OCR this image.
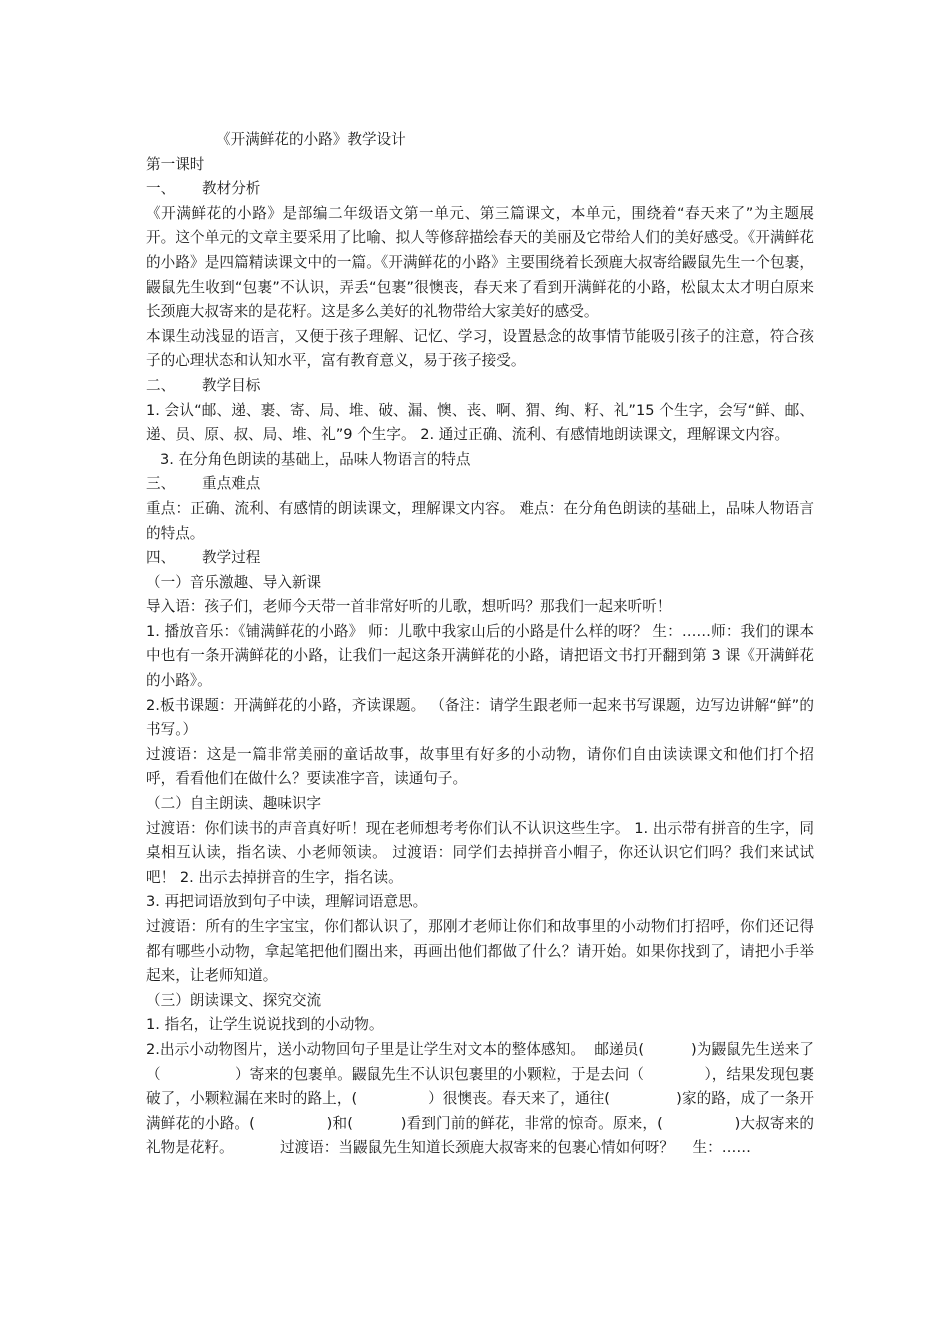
《开满鲜花的小路》教学设计

第一课时

一、	教材分析

《开满鲜花的小路》是部编二年级语文第一单元、第三篇课文，本单元，围绕着“春天来了”为主题展开。这个单元的文章主要采用了比喻、拟人等修辞描绘春天的美丽及它带给人们的美好感受。《开满鲜花的小路》是四篇精读课文中的一篇。《开满鲜花的小路》主要围绕着长颈鹿大叔寄给鼹鼠先生一个包裹，鼹鼠先生收到“包裹”不认识，弄丢“包裹”很懊丧，春天来了看到开满鲜花的小路，松鼠太太才明白原来长颈鹿大叔寄来的是花籽。这是多么美好的礼物带给大家美好的感受。

本课生动浅显的语言，又便于孩子理解、记忆、学习，设置悬念的故事情节能吸引孩子的注意，符合孩子的心理状态和认知水平，富有教育意义，易于孩子接受。

二、	教学目标

1. 会认“邮、递、裹、寄、局、堆、破、漏、懊、丧、啊、猬、绚、籽、礼”15 个生字，会写“鲜、邮、递、员、原、叔、局、堆、礼”9 个生字。 2. 通过正确、流利、有感情地朗读课文，理解课文内容。

3. 在分角色朗读的基础上，品味人物语言的特点

三、	重点难点

重点：正确、流利、有感情的朗读课文，理解课文内容。 难点：在分角色朗读的基础上，品味人物语言的特点。

四、	教学过程

（一）音乐激趣、导入新课

导入语：孩子们，老师今天带一首非常好听的儿歌，想听吗？那我们一起来听听！

1. 播放音乐：《铺满鲜花的小路》 师：儿歌中我家山后的小路是什么样的呀？ 生：……师：我们的课本中也有一条开满鲜花的小路，让我们一起这条开满鲜花的小路，请把语文书打开翻到第 3 课《开满鲜花的小路》。

2.板书课题：开满鲜花的小路，齐读课题。 （备注：请学生跟老师一起来书写课题，边写边讲解“鲜”的书写。）

过渡语：这是一篇非常美丽的童话故事，故事里有好多的小动物，请你们自由读读课文和他们打个招呼，看看他们在做什么？要读准字音，读通句子。

（二）自主朗读、趣味识字

过渡语：你们读书的声音真好听！现在老师想考考你们认不认识这些生字。 1. 出示带有拼音的生字，同桌相互认读，指名读、小老师领读。 过渡语：同学们去掉拼音小帽子，你还认识它们吗？我们来试试吧！ 2. 出示去掉拼音的生字，指名读。

3. 再把词语放到句子中读，理解词语意思。

过渡语：所有的生字宝宝，你们都认识了，那刚才老师让你们和故事里的小动物们打招呼，你们还记得都有哪些小动物，拿起笔把他们圈出来，再画出他们都做了什么？请开始。如果你找到了，请把小手举起来，让老师知道。

（三）朗读课文、探究交流

1. 指名，让学生说说找到的小动物。

2.出示小动物图片，送小动物回句子里是让学生对文本的整体感知。  邮递员(          )为鼹鼠先生送来了（                ）寄来的包裹单。鼹鼠先生不认识包裹里的小颗粒，于是去问（             ），结果发现包裹破了，小颗粒漏在来时的路上，(               ）很懊丧。春天来了，通往(              )家的路，成了一条开满鲜花的小路。(               )和(          )看到门前的鲜花，非常的惊奇。原来，(               )大叔寄来的礼物是花籽。          过渡语：当鼹鼠先生知道长颈鹿大叔寄来的包裹心情如何呀？    生：……
